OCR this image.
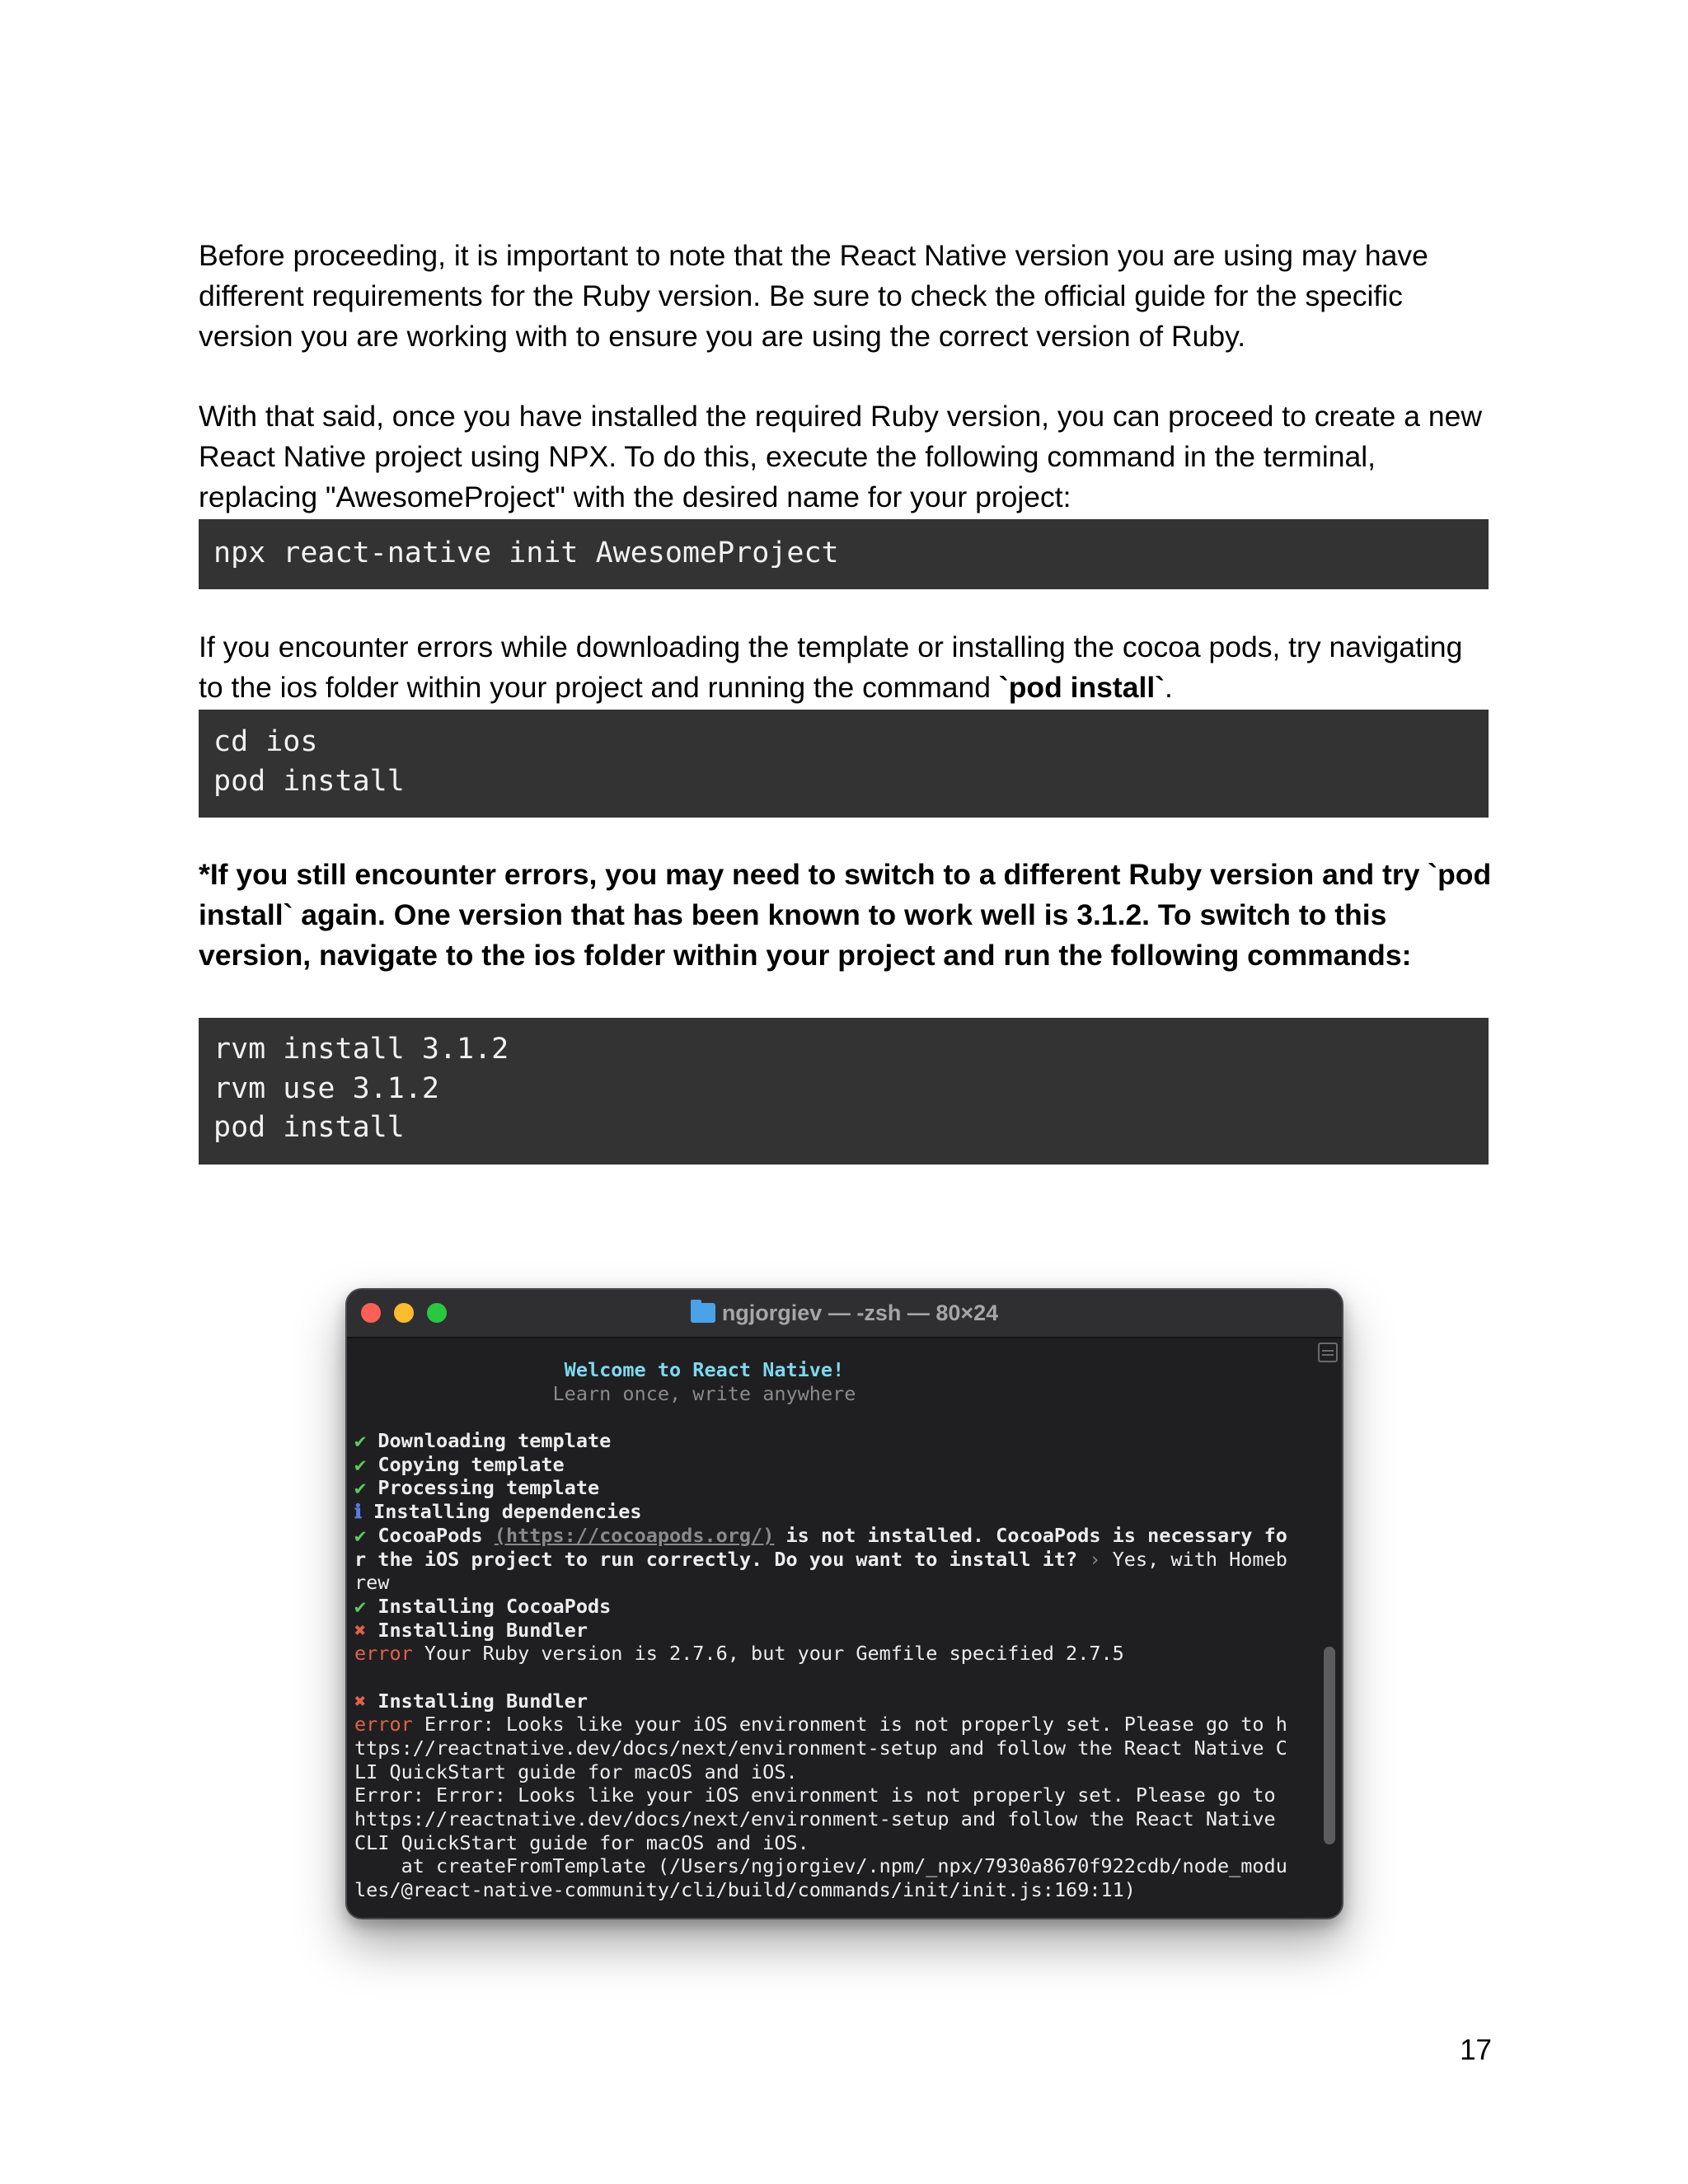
Before proceeding, it is important to note that the React Native version you are using may have different requirements for the Ruby version. Be sure to check the official guide for the specific version you are working with to ensure you are using the correct version of Ruby.

With that said, once you have installed the required Ruby version, you can proceed to create a new React Native project using NPX. To do this, execute the following command in the terminal, replacing "AwesomeProject" with the desired name for your project:

npx react-native init AwesomeProject

If you encounter errors while downloading the template or installing the cocoa pods, try navigating to the ios folder within your project and running the command `pod install`.

cd ios
pod install

*If you still encounter errors, you may need to switch to a different Ruby version and try `pod install` again. One version that has been known to work well is 3.1.2. To switch to this version, navigate to the ios folder within your project and run the following commands:

rvm install 3.1.2
rvm use 3.1.2
pod install
ngjorgiev — -zsh — 80×24
Welcome to React Native!
Learn once, write anywhere
✔ Downloading template
✔ Copying template
✔ Processing template
ℹ Installing dependencies
✔ CocoaPods (https://cocoapods.org/) is not installed. CocoaPods is necessary fo
r the iOS project to run correctly. Do you want to install it? › Yes, with Homeb
rew
✔ Installing CocoaPods
✖ Installing Bundler
error Your Ruby version is 2.7.6, but your Gemfile specified 2.7.5
✖ Installing Bundler
error Error: Looks like your iOS environment is not properly set. Please go to h
ttps://reactnative.dev/docs/next/environment-setup and follow the React Native C
LI QuickStart guide for macOS and iOS.
Error: Error: Looks like your iOS environment is not properly set. Please go to
https://reactnative.dev/docs/next/environment-setup and follow the React Native
CLI QuickStart guide for macOS and iOS.
at createFromTemplate (/Users/ngjorgiev/.npm/_npx/7930a8670f922cdb/node_modu
les/@react-native-community/cli/build/commands/init/init.js:169:11)
17
